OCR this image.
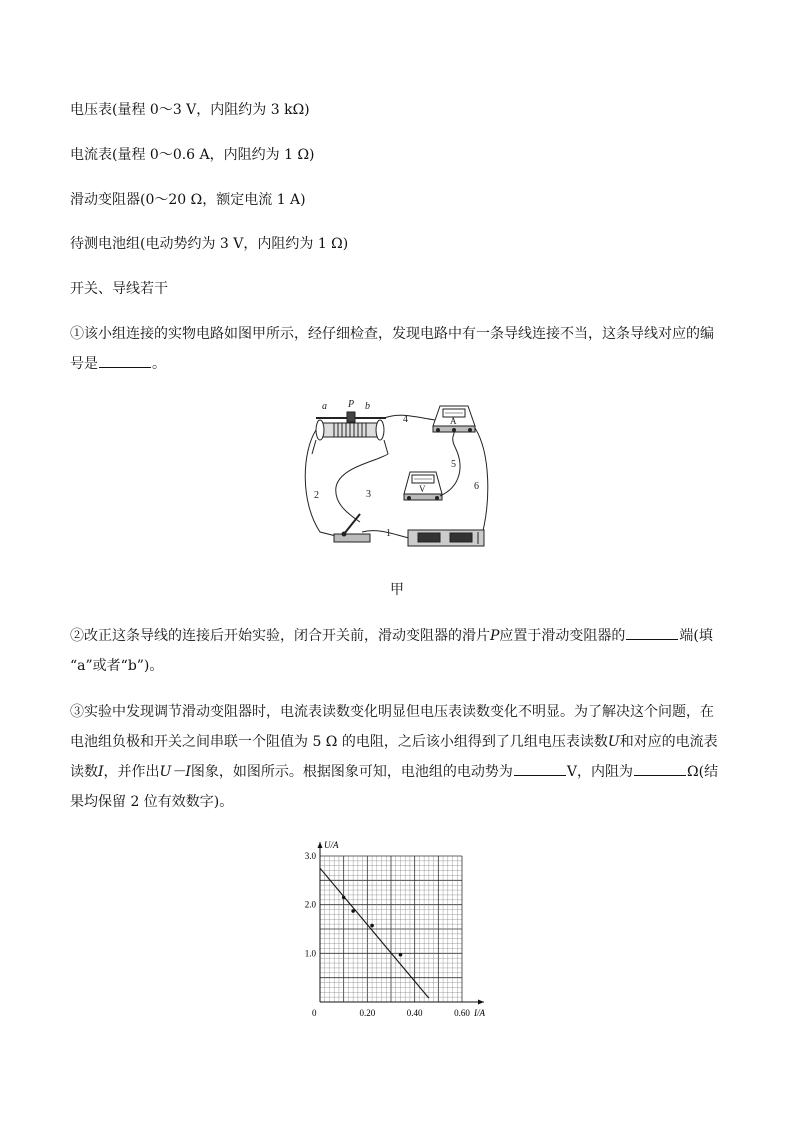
电压表(量程 0～3 V，内阻约为 3 kΩ)
电流表(量程 0～0.6 A，内阻约为 1 Ω)
滑动变阻器(0～20 Ω，额定电流 1 A)
待测电池组(电动势约为 3 V，内阻约为 1 Ω)
开关、导线若干
①该小组连接的实物电路如图甲所示，经仔细检查，发现电路中有一条导线连接不当，这条导线对应的编
号是	。
a P b
4
5
6
2	3
1
A
V
甲
②改正这条导线的连接后开始实验，闭合开关前，滑动变阻器的滑片P应置于滑动变阻器的	端(填
“a”或者“b”)。
③实验中发现调节滑动变阻器时，电流表读数变化明显但电压表读数变化不明显。为了解决这个问题，在
电池组负极和开关之间串联一个阻值为 5 Ω 的电阻，之后该小组得到了几组电压表读数U和对应的电流表
读数I，并作出U－I图象，如图所示。根据图象可知，电池组的电动势为	V，内阻为	Ω(结
果均保留 2 位有效数字)。
0.20	0.40	0.60
1.0
2.0
3.0
U/A
I/A
0
